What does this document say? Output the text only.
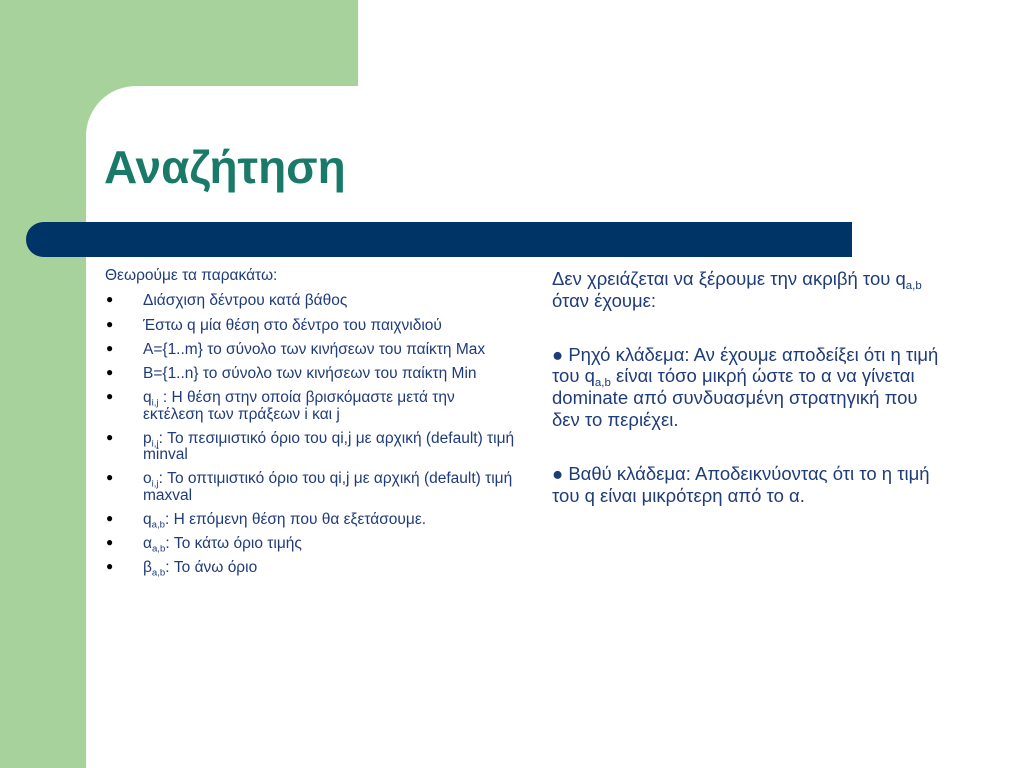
Αναζήτηση

Θεωρούμε τα παρακάτω:

● Διάσχιση δέντρου κατά βάθος
● Έστω q μία θέση στο δέντρο του παιχνιδιού
● A={1..m} το σύνολο των κινήσεων του παίκτη Max
● B={1..n} το σύνολο των κινήσεων του παίκτη Min
● $q_{i,j}$ : Η θέση στην οποία βρισκόμαστε μετά την εκτέλεση των πράξεων i και j
● $p_{i,j}$: Το πεσιμιστικό όριο του qi,j με αρχική (default) τιμή minval
● $o_{i,j}$: Το οπτιμιστικό όριο του qi,j με αρχική (default) τιμή maxval
● $q_{a,b}$: Η επόμενη θέση που θα εξετάσουμε.
● $\alpha_{a,b}$: Το κάτω όριο τιμής
● $\beta_{a,b}$: Το άνω όριο

Δεν χρειάζεται να ξέρουμε την ακριβή του $q_{a,b}$ όταν έχουμε:

● Ρηχό κλάδεμα: Αν έχουμε αποδείξει ότι η τιμή του $q_{a,b}$ είναι τόσο μικρή ώστε το α να γίνεται dominate από συνδυασμένη στρατηγική που δεν το περιέχει.

● Βαθύ κλάδεμα: Αποδεικνύοντας ότι το η τιμή του q είναι μικρότερη από το α.
